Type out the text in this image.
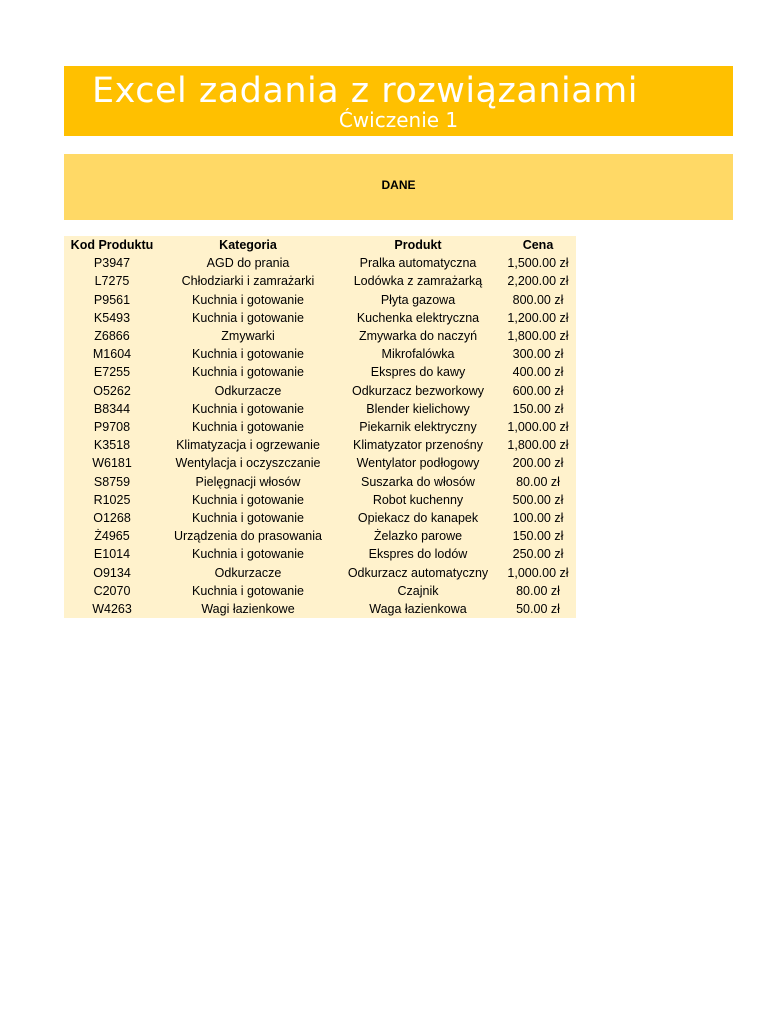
Excel zadania z rozwiązaniami
Ćwiczenie 1
DANE
Kod Produktu	Kategoria	Produkt	Cena
P3947	AGD do prania	Pralka automatyczna	1,500.00 zł
L7275	Chłodziarki i zamrażarki	Lodówka z zamrażarką	2,200.00 zł
P9561	Kuchnia i gotowanie	Płyta gazowa	800.00 zł
K5493	Kuchnia i gotowanie	Kuchenka elektryczna	1,200.00 zł
Z6866	Zmywarki	Zmywarka do naczyń	1,800.00 zł
M1604	Kuchnia i gotowanie	Mikrofalówka	300.00 zł
E7255	Kuchnia i gotowanie	Ekspres do kawy	400.00 zł
O5262	Odkurzacze	Odkurzacz bezworkowy	600.00 zł
B8344	Kuchnia i gotowanie	Blender kielichowy	150.00 zł
P9708	Kuchnia i gotowanie	Piekarnik elektryczny	1,000.00 zł
K3518	Klimatyzacja i ogrzewanie	Klimatyzator przenośny	1,800.00 zł
W6181	Wentylacja i oczyszczanie	Wentylator podłogowy	200.00 zł
S8759	Pielęgnacji włosów	Suszarka do włosów	80.00 zł
R1025	Kuchnia i gotowanie	Robot kuchenny	500.00 zł
O1268	Kuchnia i gotowanie	Opiekacz do kanapek	100.00 zł
Ż4965	Urządzenia do prasowania	Żelazko parowe	150.00 zł
E1014	Kuchnia i gotowanie	Ekspres do lodów	250.00 zł
O9134	Odkurzacze	Odkurzacz automatyczny	1,000.00 zł
C2070	Kuchnia i gotowanie	Czajnik	80.00 zł
W4263	Wagi łazienkowe	Waga łazienkowa	50.00 zł
